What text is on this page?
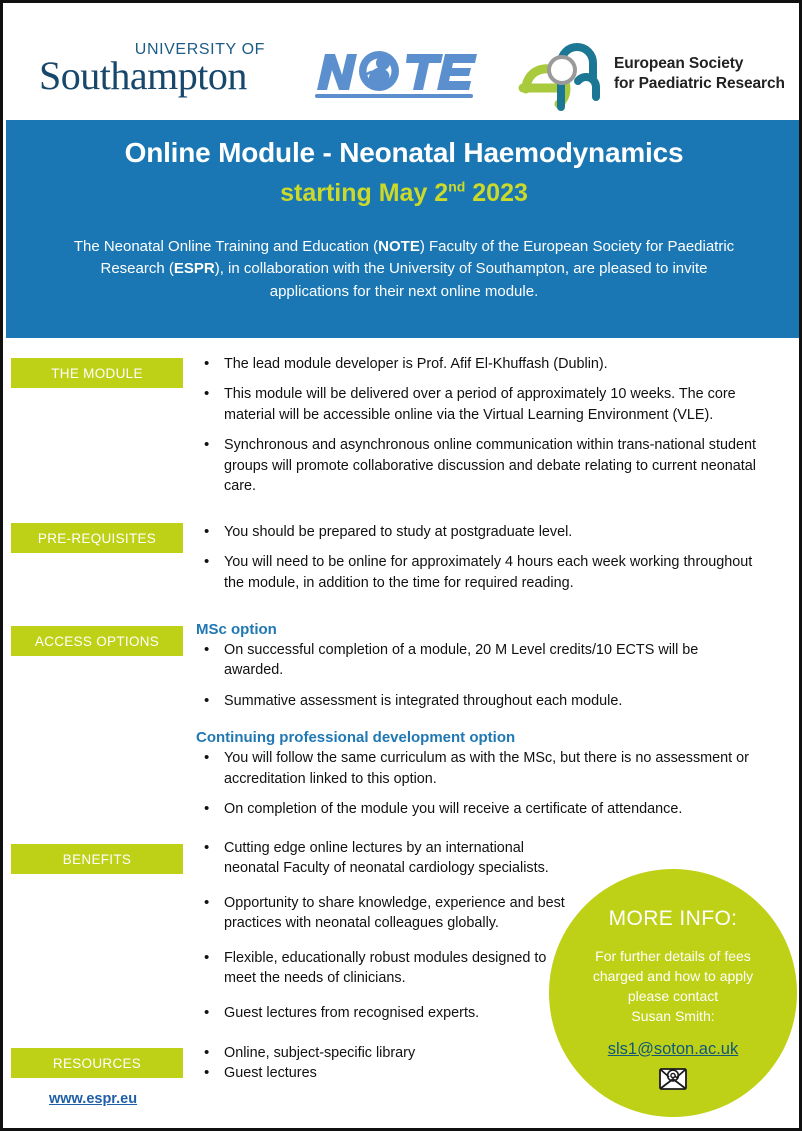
UNIVERSITY OF
Southampton	European Society
for Paediatric Research
Online Module - Neonatal Haemodynamics
starting May 2nd 2023
The Neonatal Online Training and Education (NOTE) Faculty of the European Society for Paediatric Research (ESPR), in collaboration with the University of Southampton, are pleased to invite applications for their next online module.
THE MODULE
• The lead module developer is Prof. Afif El-Khuffash (Dublin).
• This module will be delivered over a period of approximately 10 weeks. The core material will be accessible online via the Virtual Learning Environment (VLE).
• Synchronous and asynchronous online communication within trans-national student groups will promote collaborative discussion and debate relating to current neonatal care.
PRE-REQUISITES	• You should be prepared to study at postgraduate level.
• You will need to be online for approximately 4 hours each week working throughout the module, in addition to the time for required reading.
ACCESS OPTIONS
MSc option
• On successful completion of a module, 20 M Level credits/10 ECTS will be awarded.
• Summative assessment is integrated throughout each module.
Continuing professional development option
• You will follow the same curriculum as with the MSc, but there is no assessment or accreditation linked to this option.
• On completion of the module you will receive a certificate of attendance.
BENEFITS
• Cutting edge online lectures by an international neonatal Faculty of neonatal cardiology specialists.
• Opportunity to share knowledge, experience and best practices with neonatal colleagues globally.
• Flexible, educationally robust modules designed to meet the needs of clinicians.
• Guest lectures from recognised experts.
RESOURCES
• Online, subject-specific library
• Guest lectures
MORE INFO:
For further details of fees
charged and how to apply
please contact
Susan Smith:
sls1@soton.ac.uk
www.espr.eu
